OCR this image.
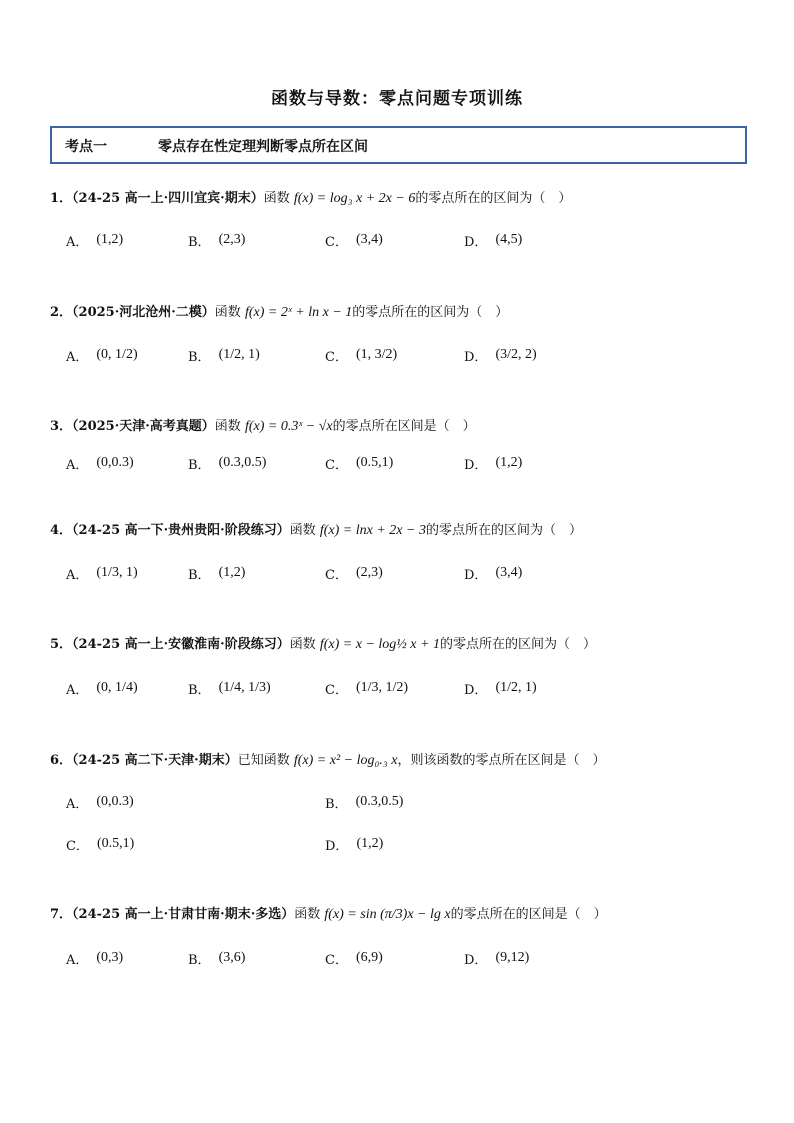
函数与导数：零点问题专项训练
考点一	零点存在性定理判断零点所在区间
1．（24-25 高一上·四川宜宾·期末）函数 f(x) = log₃ x + 2x − 6的零点所在的区间为（　）
A． (1,2)	B． (2,3)	C． (3,4)	D． (4,5)
2．（2025·河北沧州·二模）函数 f(x) = 2ˣ + ln x − 1的零点所在的区间为（　）
A． (0, 1/2)	B． (1/2, 1)	C． (1, 3/2)	D． (3/2, 2)
3．（2025·天津·高考真题）函数 f(x) = 0.3ˣ − √x的零点所在区间是（　）
A． (0,0.3)	B． (0.3,0.5)	C． (0.5,1)	D． (1,2)
4．（24-25 高一下·贵州贵阳·阶段练习）函数 f(x) = lnx + 2x − 3的零点所在的区间为（　）
A． (1/3, 1)	B． (1,2)	C． (2,3)	D． (3,4)
5．（24-25 高一上·安徽淮南·阶段练习）函数 f(x) = x − log½ x + 1的零点所在的区间为（　）
A． (0, 1/4)	B． (1/4, 1/3)	C． (1/3, 1/2)	D． (1/2, 1)
6．（24-25 高二下·天津·期末）已知函数 f(x) = x² − log₀.₃ x，则该函数的零点所在区间是（　）
A． (0,0.3)	B． (0.3,0.5)
C． (0.5,1)	D． (1,2)
7．（24-25 高一上·甘肃甘南·期末·多选）函数 f(x) = sin (π/3)x − lg x的零点所在的区间是（　）
A． (0,3)	B． (3,6)	C． (6,9)	D． (9,12)
